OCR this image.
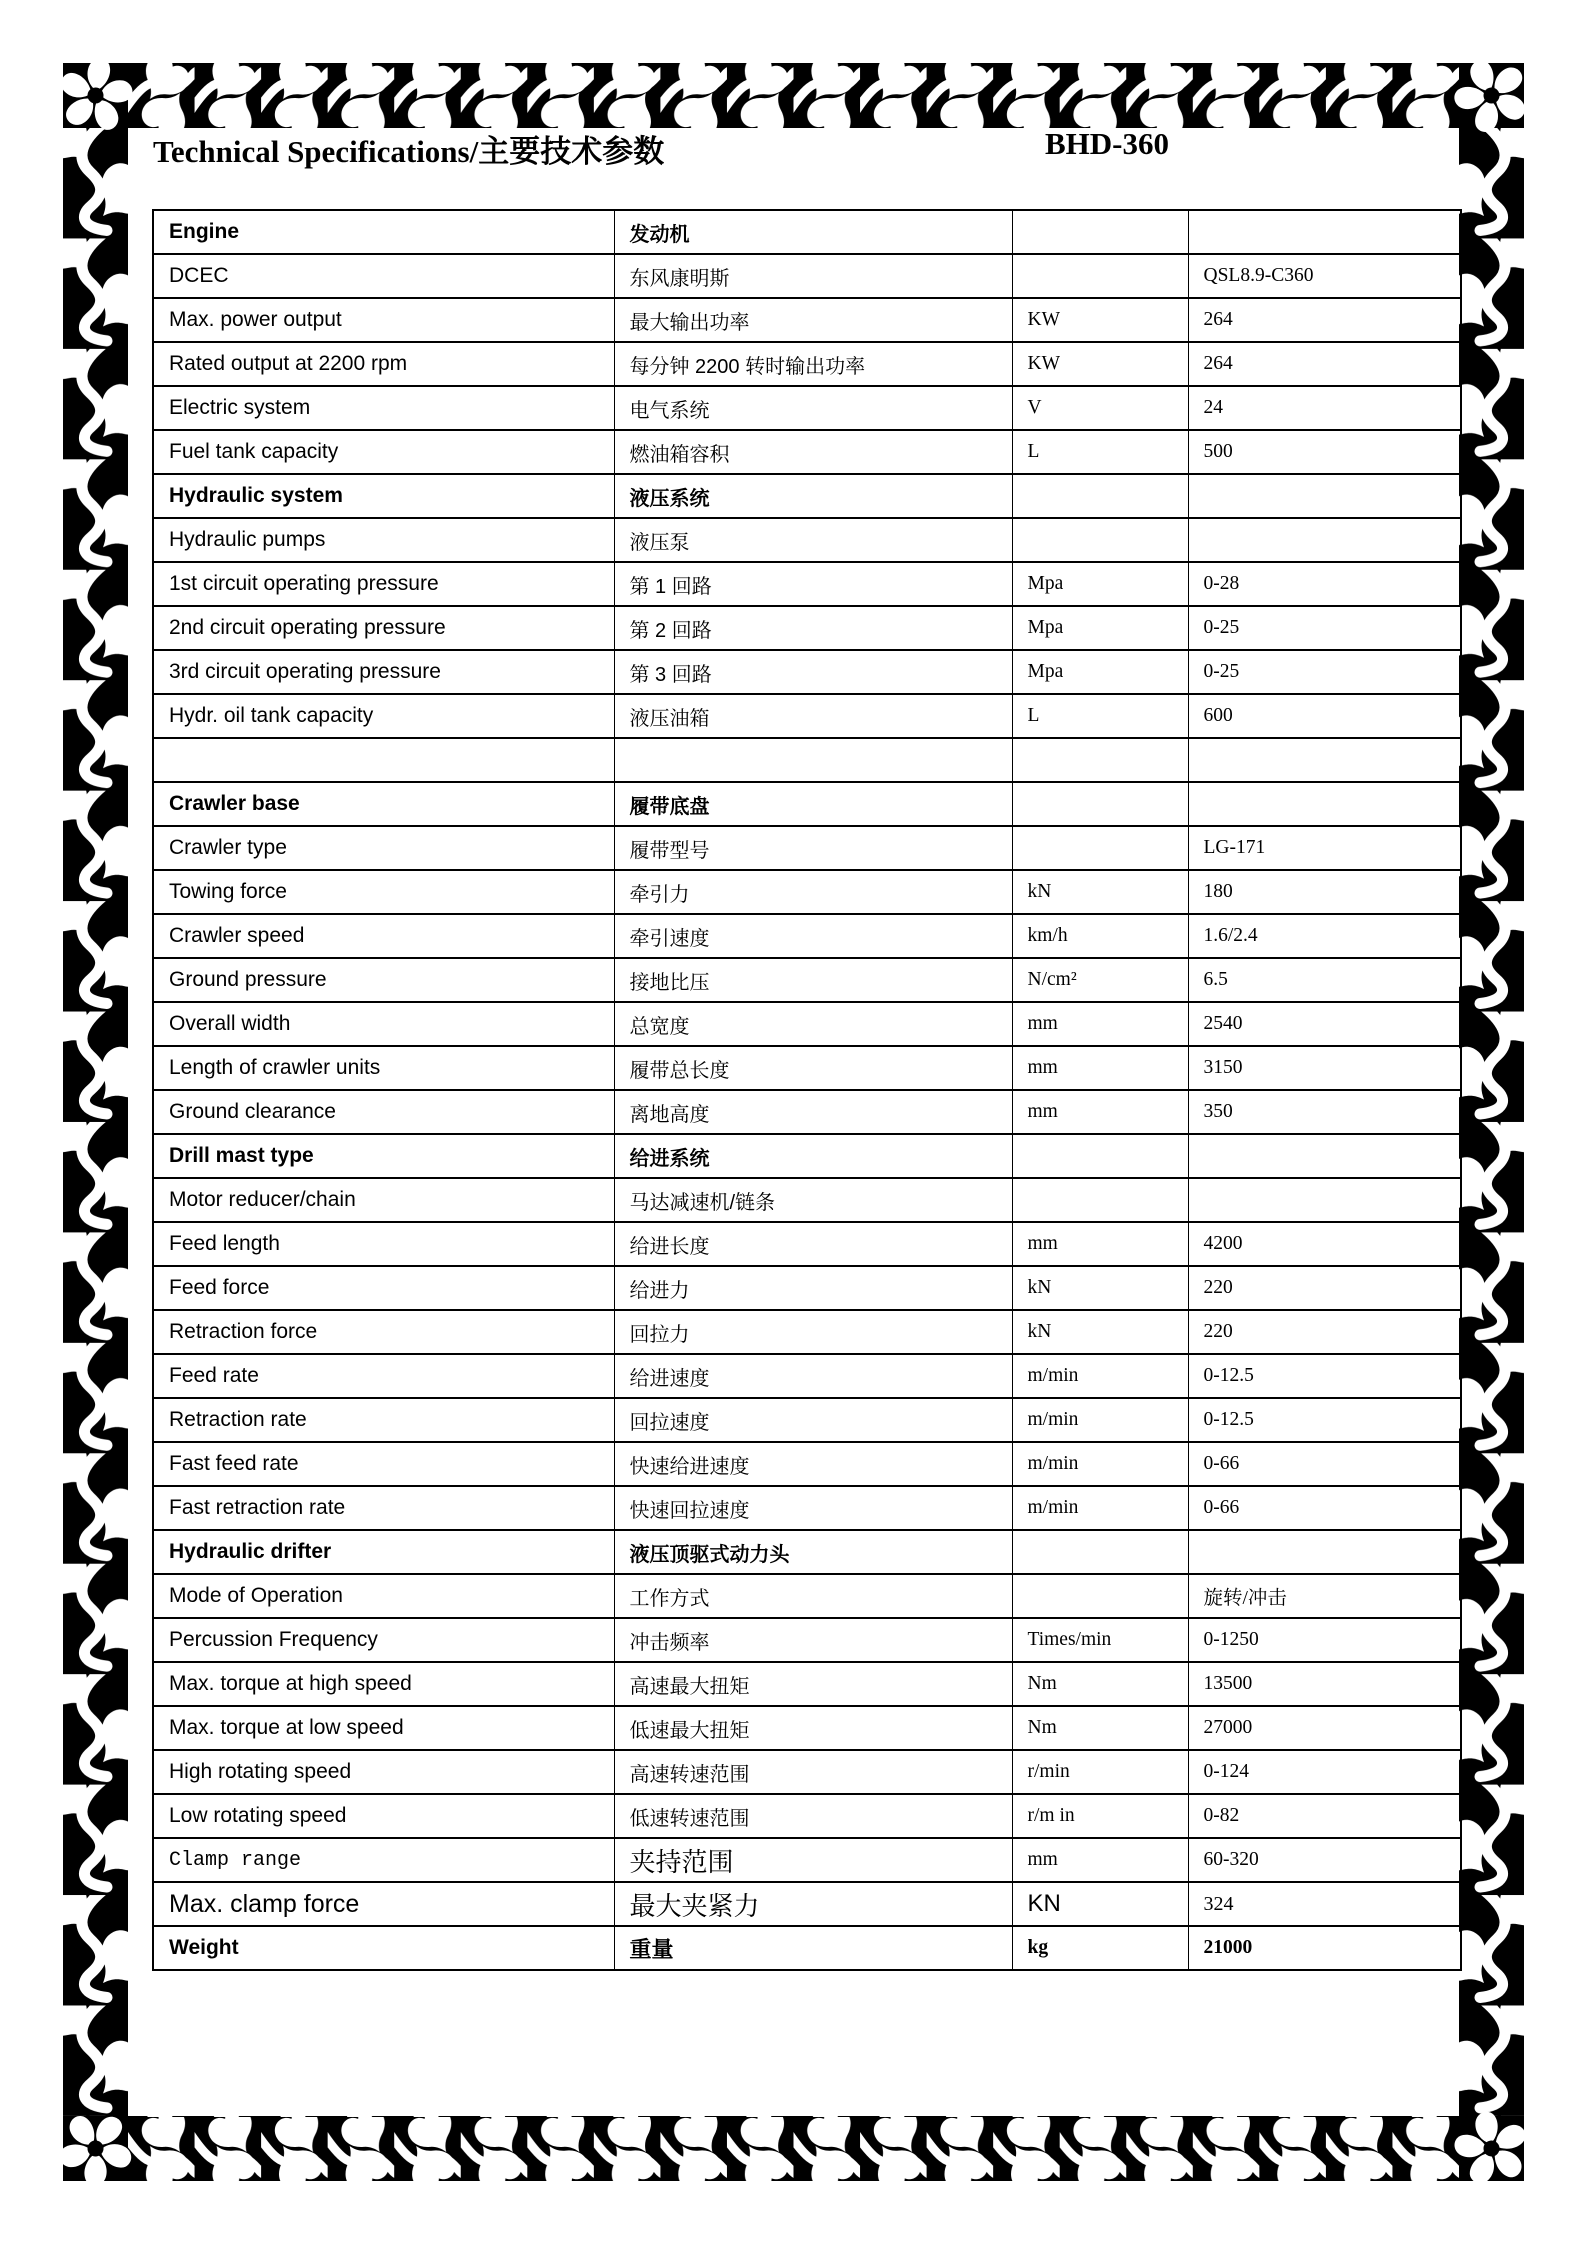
Technical Specifications/主要技术参数	BHD-360
Engine	发动机		
DCEC	东风康明斯		QSL8.9-C360
Max. power output	最大输出功率	KW	264
Rated output at 2200 rpm	每分钟 2200 转时输出功率	KW	264
Electric system	电气系统	V	24
Fuel tank capacity	燃油箱容积	L	500
Hydraulic system	液压系统		
Hydraulic pumps	液压泵		
1st circuit operating pressure	第 1 回路	Mpa	0-28
2nd circuit operating pressure	第 2 回路	Mpa	0-25
3rd circuit operating pressure	第 3 回路	Mpa	0-25
Hydr. oil tank capacity	液压油箱	L	600

Crawler base	履带底盘		
Crawler type	履带型号		LG-171
Towing force	牵引力	kN	180
Crawler speed	牵引速度	km/h	1.6/2.4
Ground pressure	接地比压	N/cm²	6.5
Overall width	总宽度	mm	2540
Length of crawler units	履带总长度	mm	3150
Ground clearance	离地高度	mm	350
Drill mast type	给进系统		
Motor reducer/chain	马达减速机/链条		
Feed length	给进长度	mm	4200
Feed force	给进力	kN	220
Retraction force	回拉力	kN	220
Feed rate	给进速度	m/min	0-12.5
Retraction rate	回拉速度	m/min	0-12.5
Fast feed rate	快速给进速度	m/min	0-66
Fast retraction rate	快速回拉速度	m/min	0-66
Hydraulic drifter	液压顶驱式动力头		
Mode of Operation	工作方式		旋转/冲击
Percussion Frequency	冲击频率	Times/min	0-1250
Max. torque at high speed	高速最大扭矩	Nm	13500
Max. torque at low speed	低速最大扭矩	Nm	27000
High rotating speed	高速转速范围	r/min	0-124
Low rotating speed	低速转速范围	r/m in	0-82
Clamp range	夹持范围	mm	60-320
Max. clamp force	最大夹紧力	KN	324
Weight	重量	kg	21000
